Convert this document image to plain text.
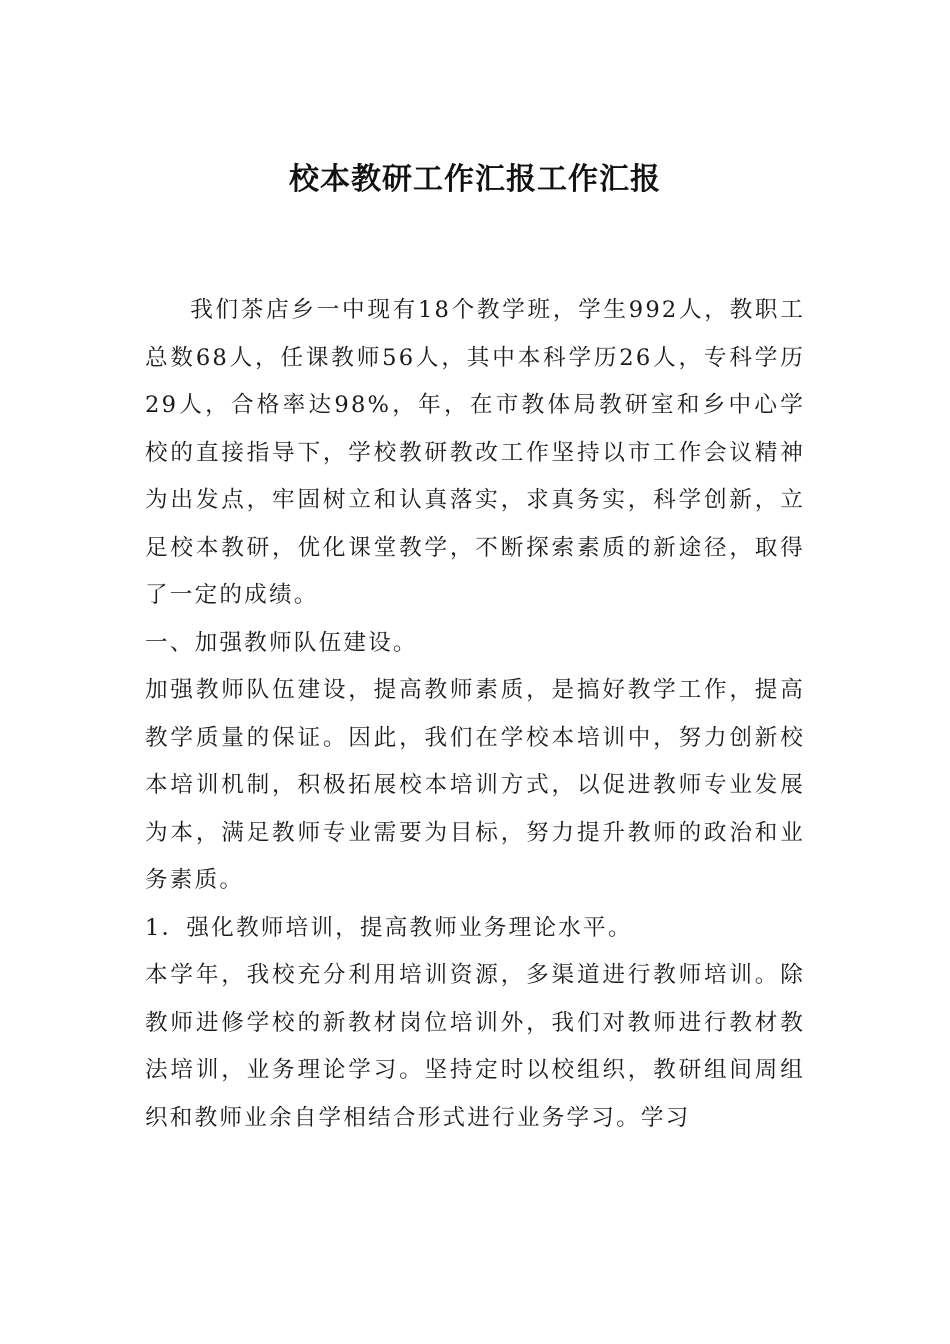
校本教研工作汇报工作汇报

我们茶店乡一中现有18个教学班，学生992人，教职工总数68人，任课教师56人，其中本科学历26人，专科学历29人，合格率达98%，年，在市教体局教研室和乡中心学校的直接指导下，学校教研教改工作坚持以市工作会议精神为出发点，牢固树立和认真落实，求真务实，科学创新，立足校本教研，优化课堂教学，不断探索素质的新途径，取得了一定的成绩。

一、加强教师队伍建设。

加强教师队伍建设，提高教师素质，是搞好教学工作，提高教学质量的保证。因此，我们在学校本培训中，努力创新校本培训机制，积极拓展校本培训方式，以促进教师专业发展为本，满足教师专业需要为目标，努力提升教师的政治和业务素质。

1．强化教师培训，提高教师业务理论水平。

本学年，我校充分利用培训资源，多渠道进行教师培训。除教师进修学校的新教材岗位培训外，我们对教师进行教材教法培训，业务理论学习。坚持定时以校组织，教研组间周组织和教师业余自学相结合形式进行业务学习。学习
